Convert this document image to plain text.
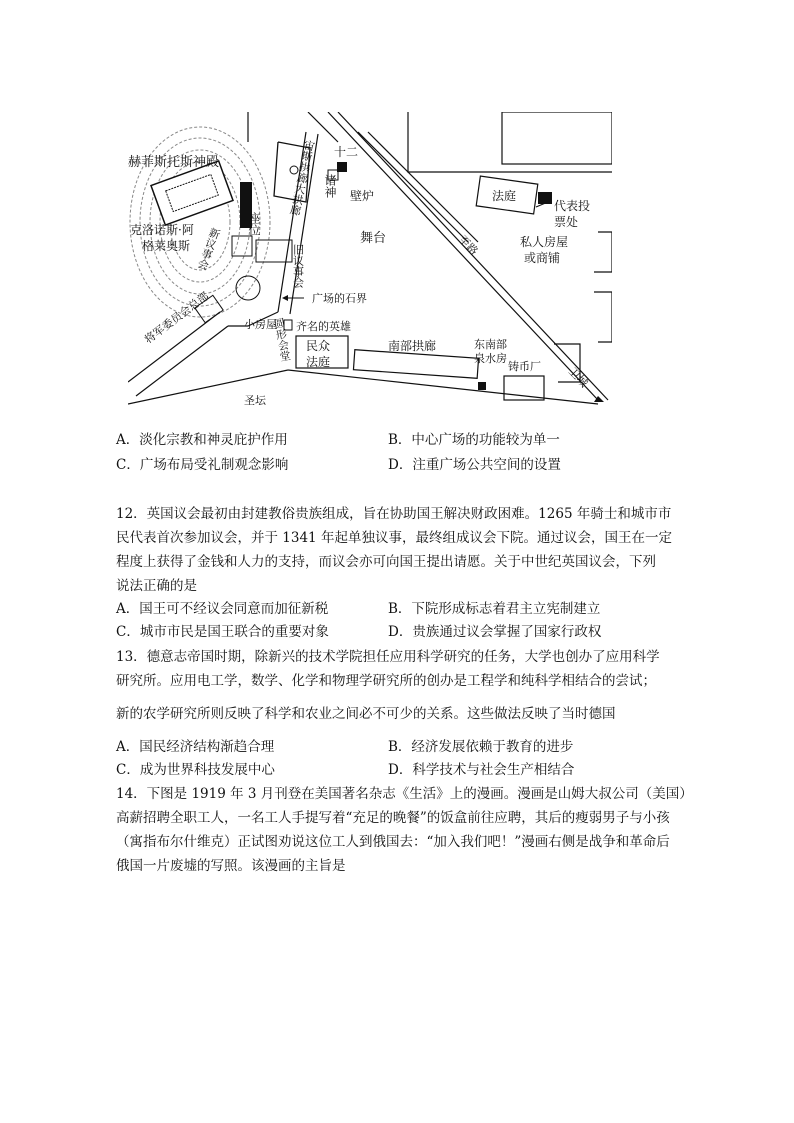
赫菲斯托斯神殿
克洛诺斯·阿
格莱奥斯
座位
新议事会
宙斯拱廊大拱廊 十二
诸神 壁炉
舞台
法庭
代表投
票处
私人房屋
或商铺
至路
圆形会堂
旧议事会
广场的石界
小房屋 齐名的英雄
将军委员会总部	民众
法庭
南部拱廊	东南部
泉水房
铸币厂
圣坛
卫城
A．淡化宗教和神灵庇护作用	B．中心广场的功能较为单一
C．广场布局受礼制观念影响	D．注重广场公共空间的设置
12．英国议会最初由封建教俗贵族组成，旨在协助国王解决财政困难。1265 年骑士和城市市
民代表首次参加议会，并于 1341 年起单独议事，最终组成议会下院。通过议会，国王在一定
程度上获得了金钱和人力的支持，而议会亦可向国王提出请愿。关于中世纪英国议会，下列
说法正确的是
A．国王可不经议会同意而加征新税	B．下院形成标志着君主立宪制建立
C．城市市民是国王联合的重要对象	D．贵族通过议会掌握了国家行政权
13．德意志帝国时期，除新兴的技术学院担任应用科学研究的任务，大学也创办了应用科学
研究所。应用电工学，数学、化学和物理学研究所的创办是工程学和纯科学相结合的尝试；
新的农学研究所则反映了科学和农业之间必不可少的关系。这些做法反映了当时德国
A．国民经济结构渐趋合理	B．经济发展依赖于教育的进步
C．成为世界科技发展中心	D．科学技术与社会生产相结合
14．下图是 1919 年 3 月刊登在美国著名杂志《生活》上的漫画。漫画是山姆大叔公司（美国）
高薪招聘全职工人，一名工人手提写着“充足的晚餐”的饭盒前往应聘，其后的瘦弱男子与小孩
（寓指布尔什维克）正试图劝说这位工人到俄国去：“加入我们吧！”漫画右侧是战争和革命后
俄国一片废墟的写照。该漫画的主旨是
